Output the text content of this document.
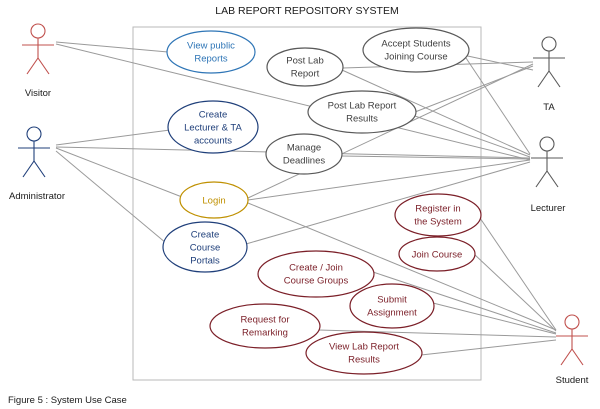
LAB REPORT REPOSITORY SYSTEM
Visitor
Administrator
TA
Lecturer
Student
View public
Reports	Post Lab
Report
Accept Students
Joining Course
Post Lab Report
Results
Create
Lecturer & TA
accounts
Manage
Deadlines
Login
Register in
the System
Create
Course
Portals
Join Course
Create / Join
Course Groups
Submit
Assignment
Request for
Remarking
View Lab Report
Results
Figure 5 : System Use Case
